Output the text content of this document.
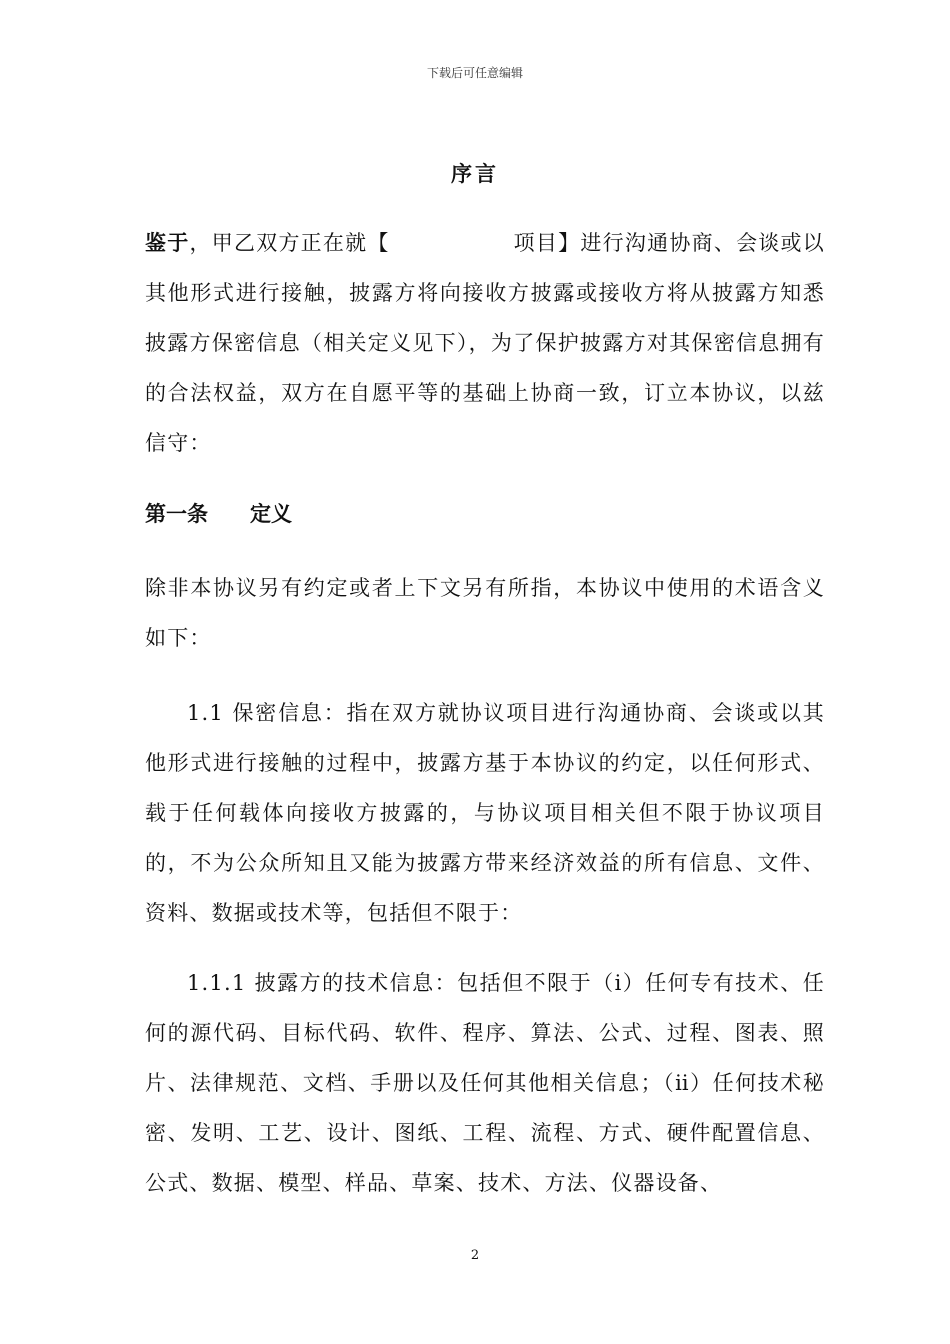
下载后可任意编辑
序言
鉴于，甲乙双方正在就【	项目】进行沟通协商、会谈或以其他形式进行接触，披露方将向接收方披露或接收方将从披露方知悉披露方保密信息（相关定义见下），为了保护披露方对其保密信息拥有的合法权益，双方在自愿平等的基础上协商一致，订立本协议，以兹信守：
第一条 定义
除非本协议另有约定或者上下文另有所指，本协议中使用的术语含义如下：
1.1 保密信息：指在双方就协议项目进行沟通协商、会谈或以其他形式进行接触的过程中，披露方基于本协议的约定，以任何形式、载于任何载体向接收方披露的，与协议项目相关但不限于协议项目的，不为公众所知且又能为披露方带来经济效益的所有信息、文件、资料、数据或技术等，包括但不限于：
1.1.1 披露方的技术信息：包括但不限于（ⅰ）任何专有技术、任何的源代码、目标代码、软件、程序、算法、公式、过程、图表、照片、法律规范、文档、手册以及任何其他相关信息；（ⅱ）任何技术秘密、发明、工艺、设计、图纸、工程、流程、方式、硬件配置信息、公式、数据、模型、样品、草案、技术、方法、仪器设备、
2
